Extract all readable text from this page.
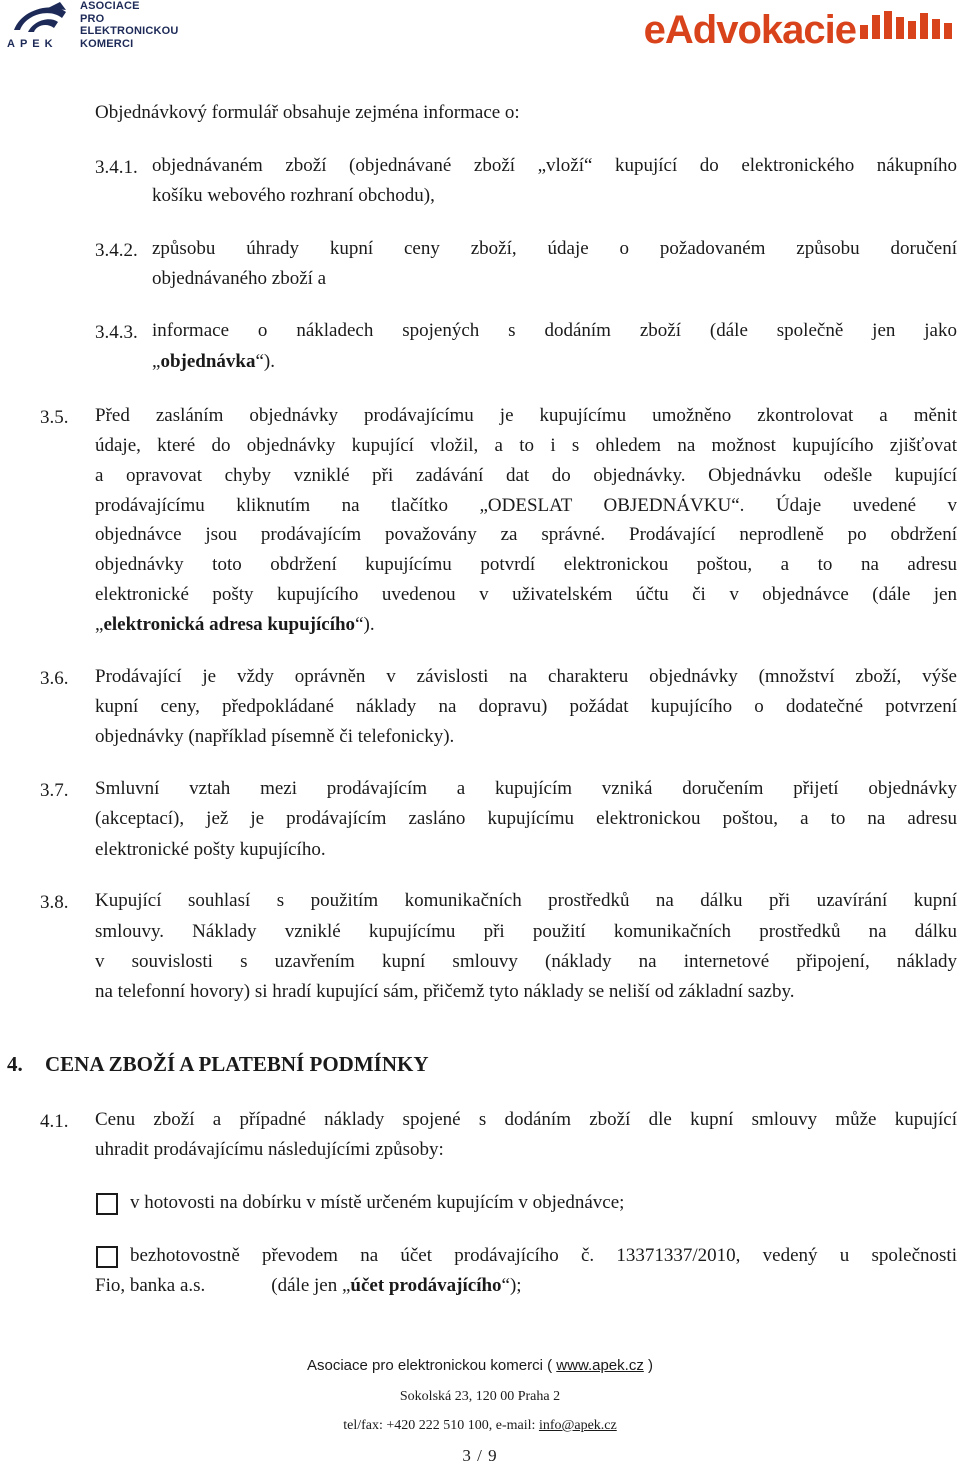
ASOCIACE
PRO
ELEKTRONICKOU
KOMERCI
APEK	eAdvokacie
Objednávkový formulář obsahuje zejména informace o:
3.4.1. objednávaném zboží (objednávané zboží „vloží“ kupující do elektronického nákupního
košíku webového rozhraní obchodu),
3.4.2. způsobu úhrady kupní ceny zboží, údaje o požadovaném způsobu doručení
objednávaného zboží a
3.4.3. informace o nákladech spojených s dodáním zboží (dále společně jen jako
„objednávka“).
3.5. Před zasláním objednávky prodávajícímu je kupujícímu umožněno zkontrolovat a měnit
údaje, které do objednávky kupující vložil, a to i s ohledem na možnost kupujícího zjišťovat
a opravovat chyby vzniklé při zadávání dat do objednávky. Objednávku odešle kupující
prodávajícímu kliknutím na tlačítko „ODESLAT OBJEDNÁVKU“. Údaje uvedené v
objednávce jsou prodávajícím považovány za správné. Prodávající neprodleně po obdržení
objednávky toto obdržení kupujícímu potvrdí elektronickou poštou, a to na adresu
elektronické pošty kupujícího uvedenou v uživatelském účtu či v objednávce (dále jen
„elektronická adresa kupujícího“).
3.6. Prodávající je vždy oprávněn v závislosti na charakteru objednávky (množství zboží, výše
kupní ceny, předpokládané náklady na dopravu) požádat kupujícího o dodatečné potvrzení
objednávky (například písemně či telefonicky).
3.7. Smluvní vztah mezi prodávajícím a kupujícím vzniká doručením přijetí objednávky
(akceptací), jež je prodávajícím zasláno kupujícímu elektronickou poštou, a to na adresu
elektronické pošty kupujícího.
3.8. Kupující souhlasí s použitím komunikačních prostředků na dálku při uzavírání kupní
smlouvy. Náklady vzniklé kupujícímu při použití komunikačních prostředků na dálku
v souvislosti s uzavřením kupní smlouvy (náklady na internetové připojení, náklady
na telefonní hovory) si hradí kupující sám, přičemž tyto náklady se neliší od základní sazby.
4. CENA ZBOŽÍ A PLATEBNÍ PODMÍNKY
4.1. Cenu zboží a případné náklady spojené s dodáním zboží dle kupní smlouvy může kupující
uhradit prodávajícímu následujícími způsoby:
v hotovosti na dobírku v místě určeném kupujícím v objednávce;
bezhotovostně převodem na účet prodávajícího č. 13371337/2010, vedený u společnosti
Fio, banka a.s.	(dále jen „účet prodávajícího“);
Asociace pro elektronickou komerci ( www.apek.cz )
Sokolská 23, 120 00 Praha 2
tel/fax: +420 222 510 100, e-mail: info@apek.cz
3 / 9
